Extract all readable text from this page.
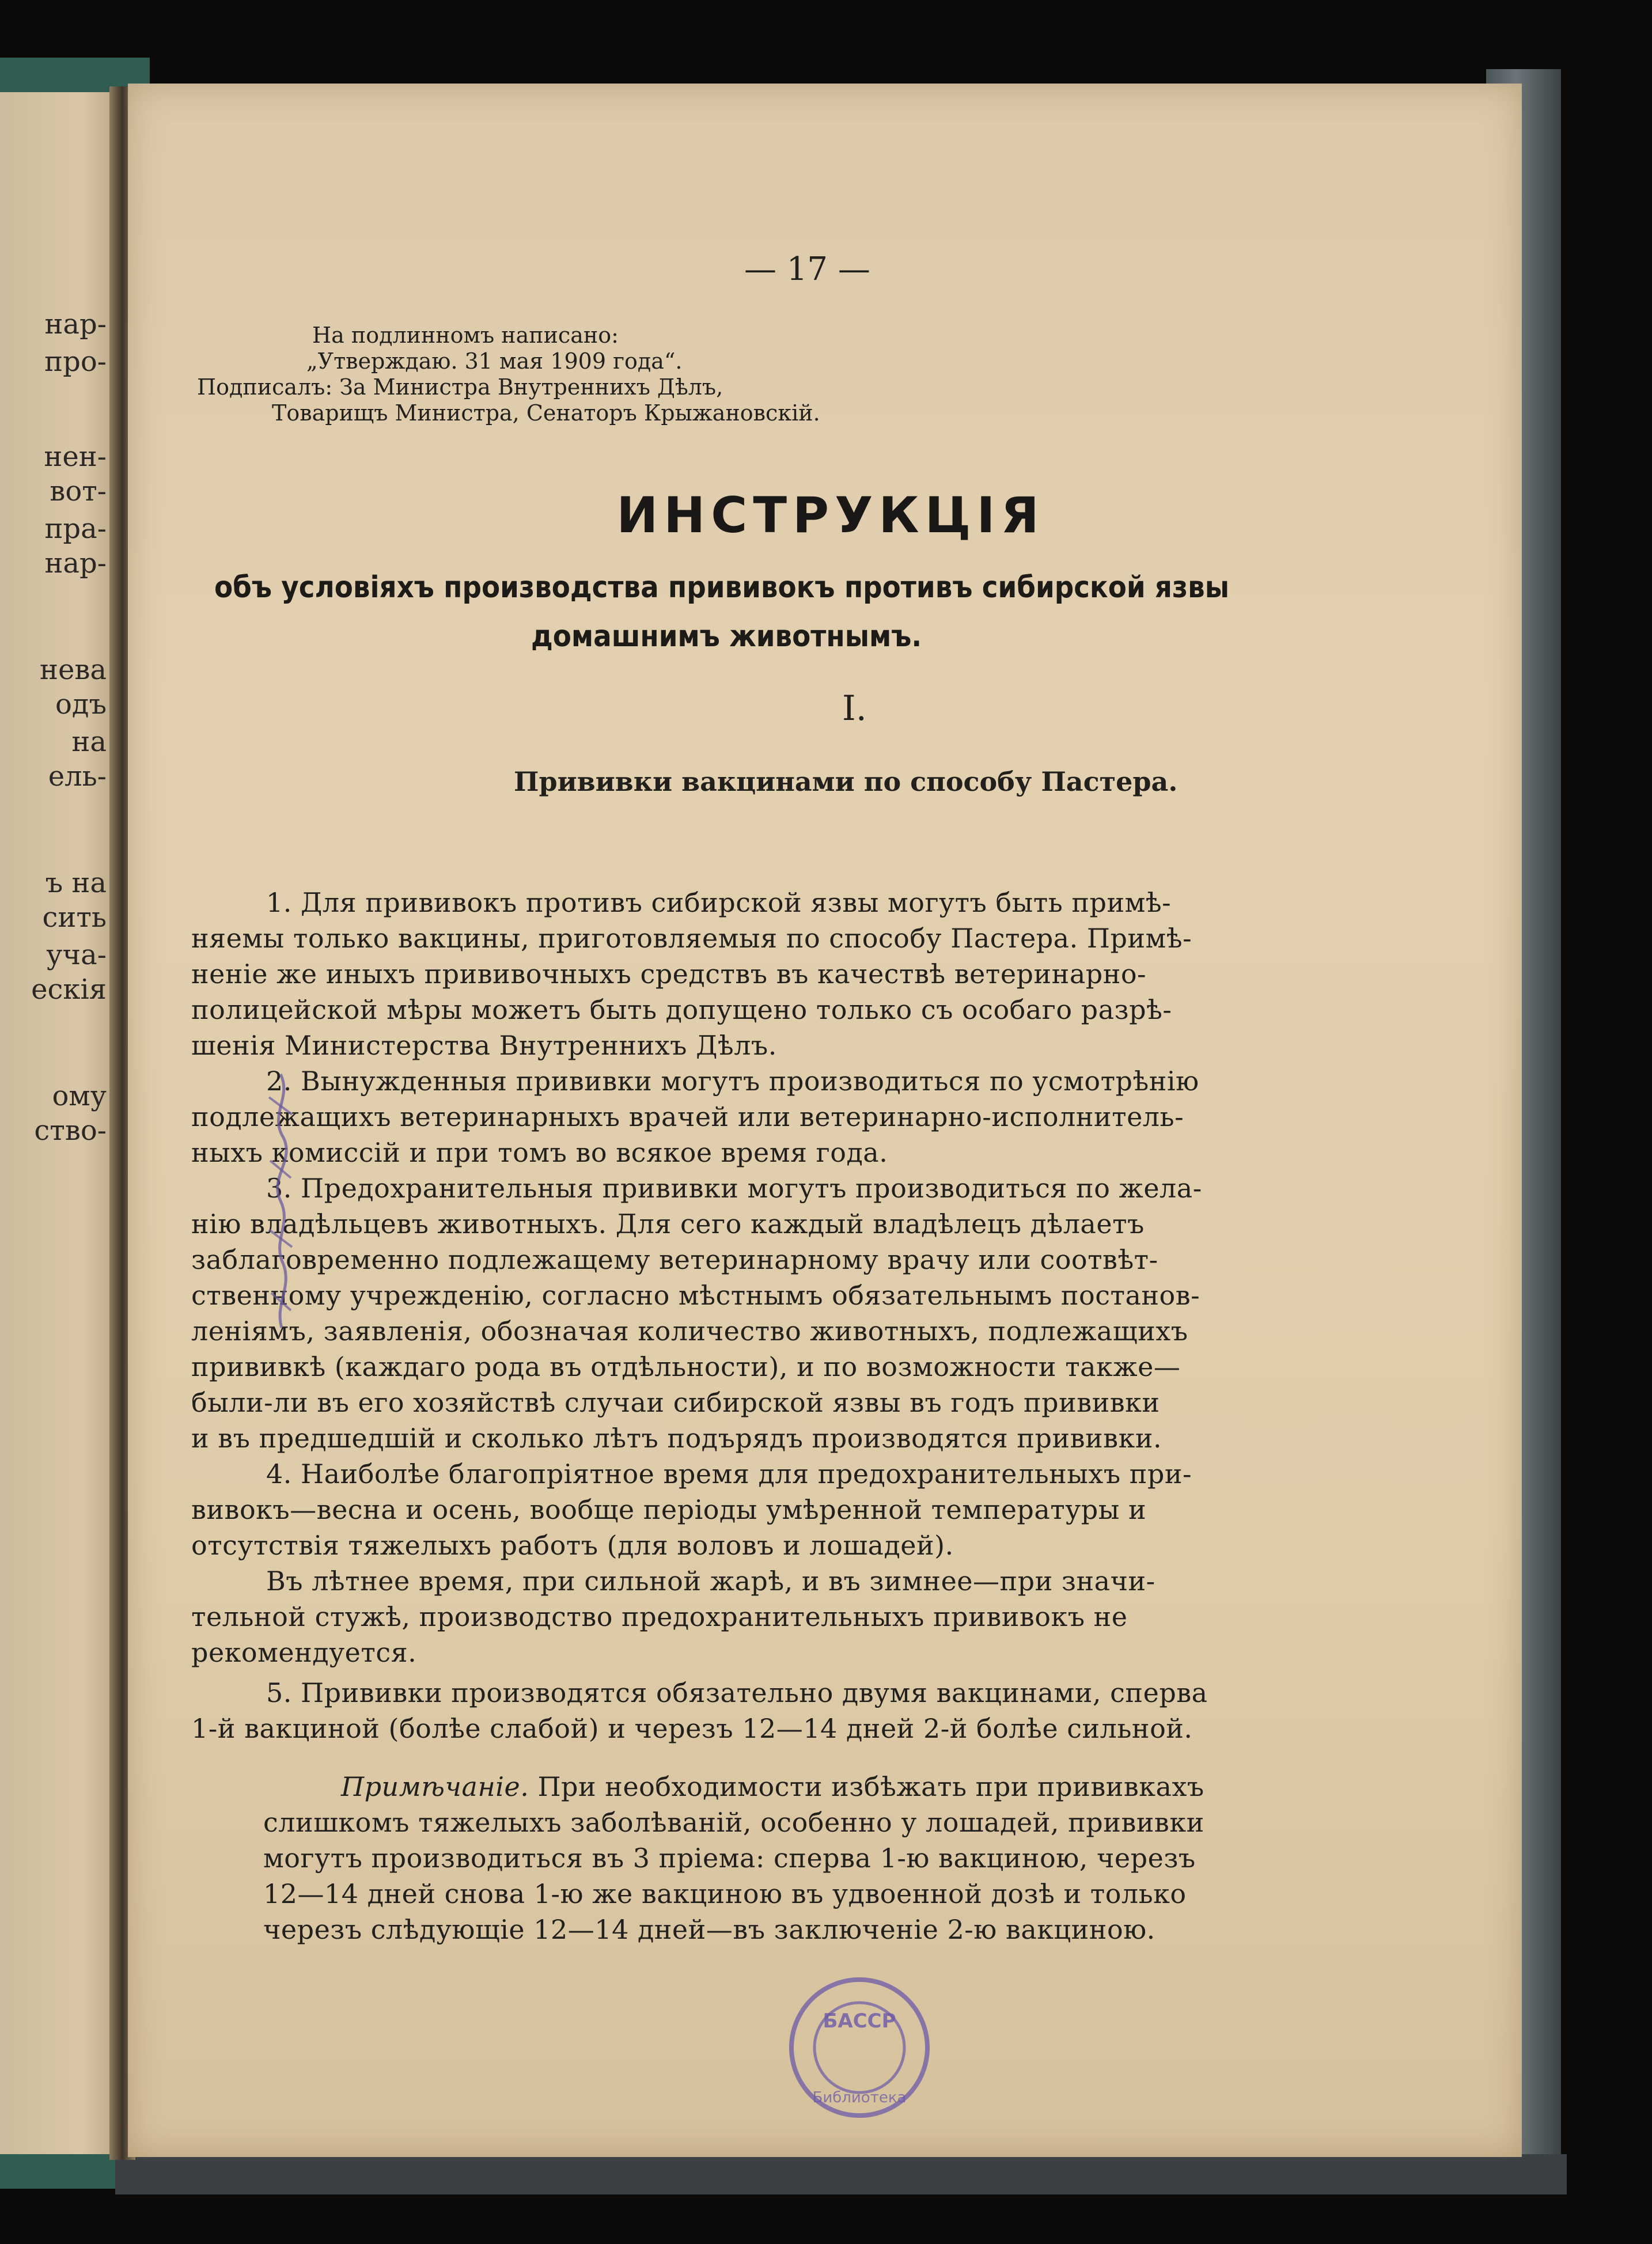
нар-
про-
нен-
вот-
пра-
нар-
нева
одъ
на
ель-
ъ на
сить
уча-
ескія
ому
ство-
— 17 —
На подлинномъ написано:
„Утверждаю. 31 мая 1909 года“.
Подписалъ: За Министра Внутреннихъ Дѣлъ,
Товарищъ Министра, Сенаторъ Крыжановскій.
ИНСТРУКЦІЯ
объ условіяхъ производства прививокъ противъ сибирской язвы
домашнимъ животнымъ.
I.
Прививки вакцинами по способу Пастера.
1. Для прививокъ противъ сибирской язвы могутъ быть примѣ-
няемы только вакцины, приготовляемыя по способу Пастера. Примѣ-
неніе же иныхъ прививочныхъ средствъ въ качествѣ ветеринарно-
полицейской мѣры можетъ быть допущено только съ особаго разрѣ-
шенія Министерства Внутреннихъ Дѣлъ.
2. Вынужденныя прививки могутъ производиться по усмотрѣнію
подлежащихъ ветеринарныхъ врачей или ветеринарно-исполнитель-
ныхъ комиссій и при томъ во всякое время года.
3. Предохранительныя прививки могутъ производиться по жела-
нію владѣльцевъ животныхъ. Для сего каждый владѣлецъ дѣлаетъ
заблаговременно подлежащему ветеринарному врачу или соотвѣт-
ственному учрежденію, согласно мѣстнымъ обязательнымъ постанов-
леніямъ, заявленія, обозначая количество животныхъ, подлежащихъ
прививкѣ (каждаго рода въ отдѣльности), и по возможности также—
были-ли въ его хозяйствѣ случаи сибирской язвы въ годъ прививки
и въ предшедшій и сколько лѣтъ подърядъ производятся прививки.
4. Наиболѣе благопріятное время для предохранительныхъ при-
вивокъ—весна и осень, вообще періоды умѣренной температуры и
отсутствія тяжелыхъ работъ (для воловъ и лошадей).
Въ лѣтнее время, при сильной жарѣ, и въ зимнее—при значи-
тельной стужѣ, производство предохранительныхъ прививокъ не
рекомендуется.
5. Прививки производятся обязательно двумя вакцинами, сперва
1-й вакциной (болѣе слабой) и черезъ 12—14 дней 2-й болѣе сильной.
Примѣчаніе. При необходимости избѣжать при прививкахъ
слишкомъ тяжелыхъ заболѣваній, особенно у лошадей, прививки
могутъ производиться въ 3 пріема: сперва 1-ю вакциною, черезъ
12—14 дней снова 1-ю же вакциною въ удвоенной дозѣ и только
черезъ слѣдующіе 12—14 дней—въ заключеніе 2-ю вакциною.
БАССР
Библиотека
